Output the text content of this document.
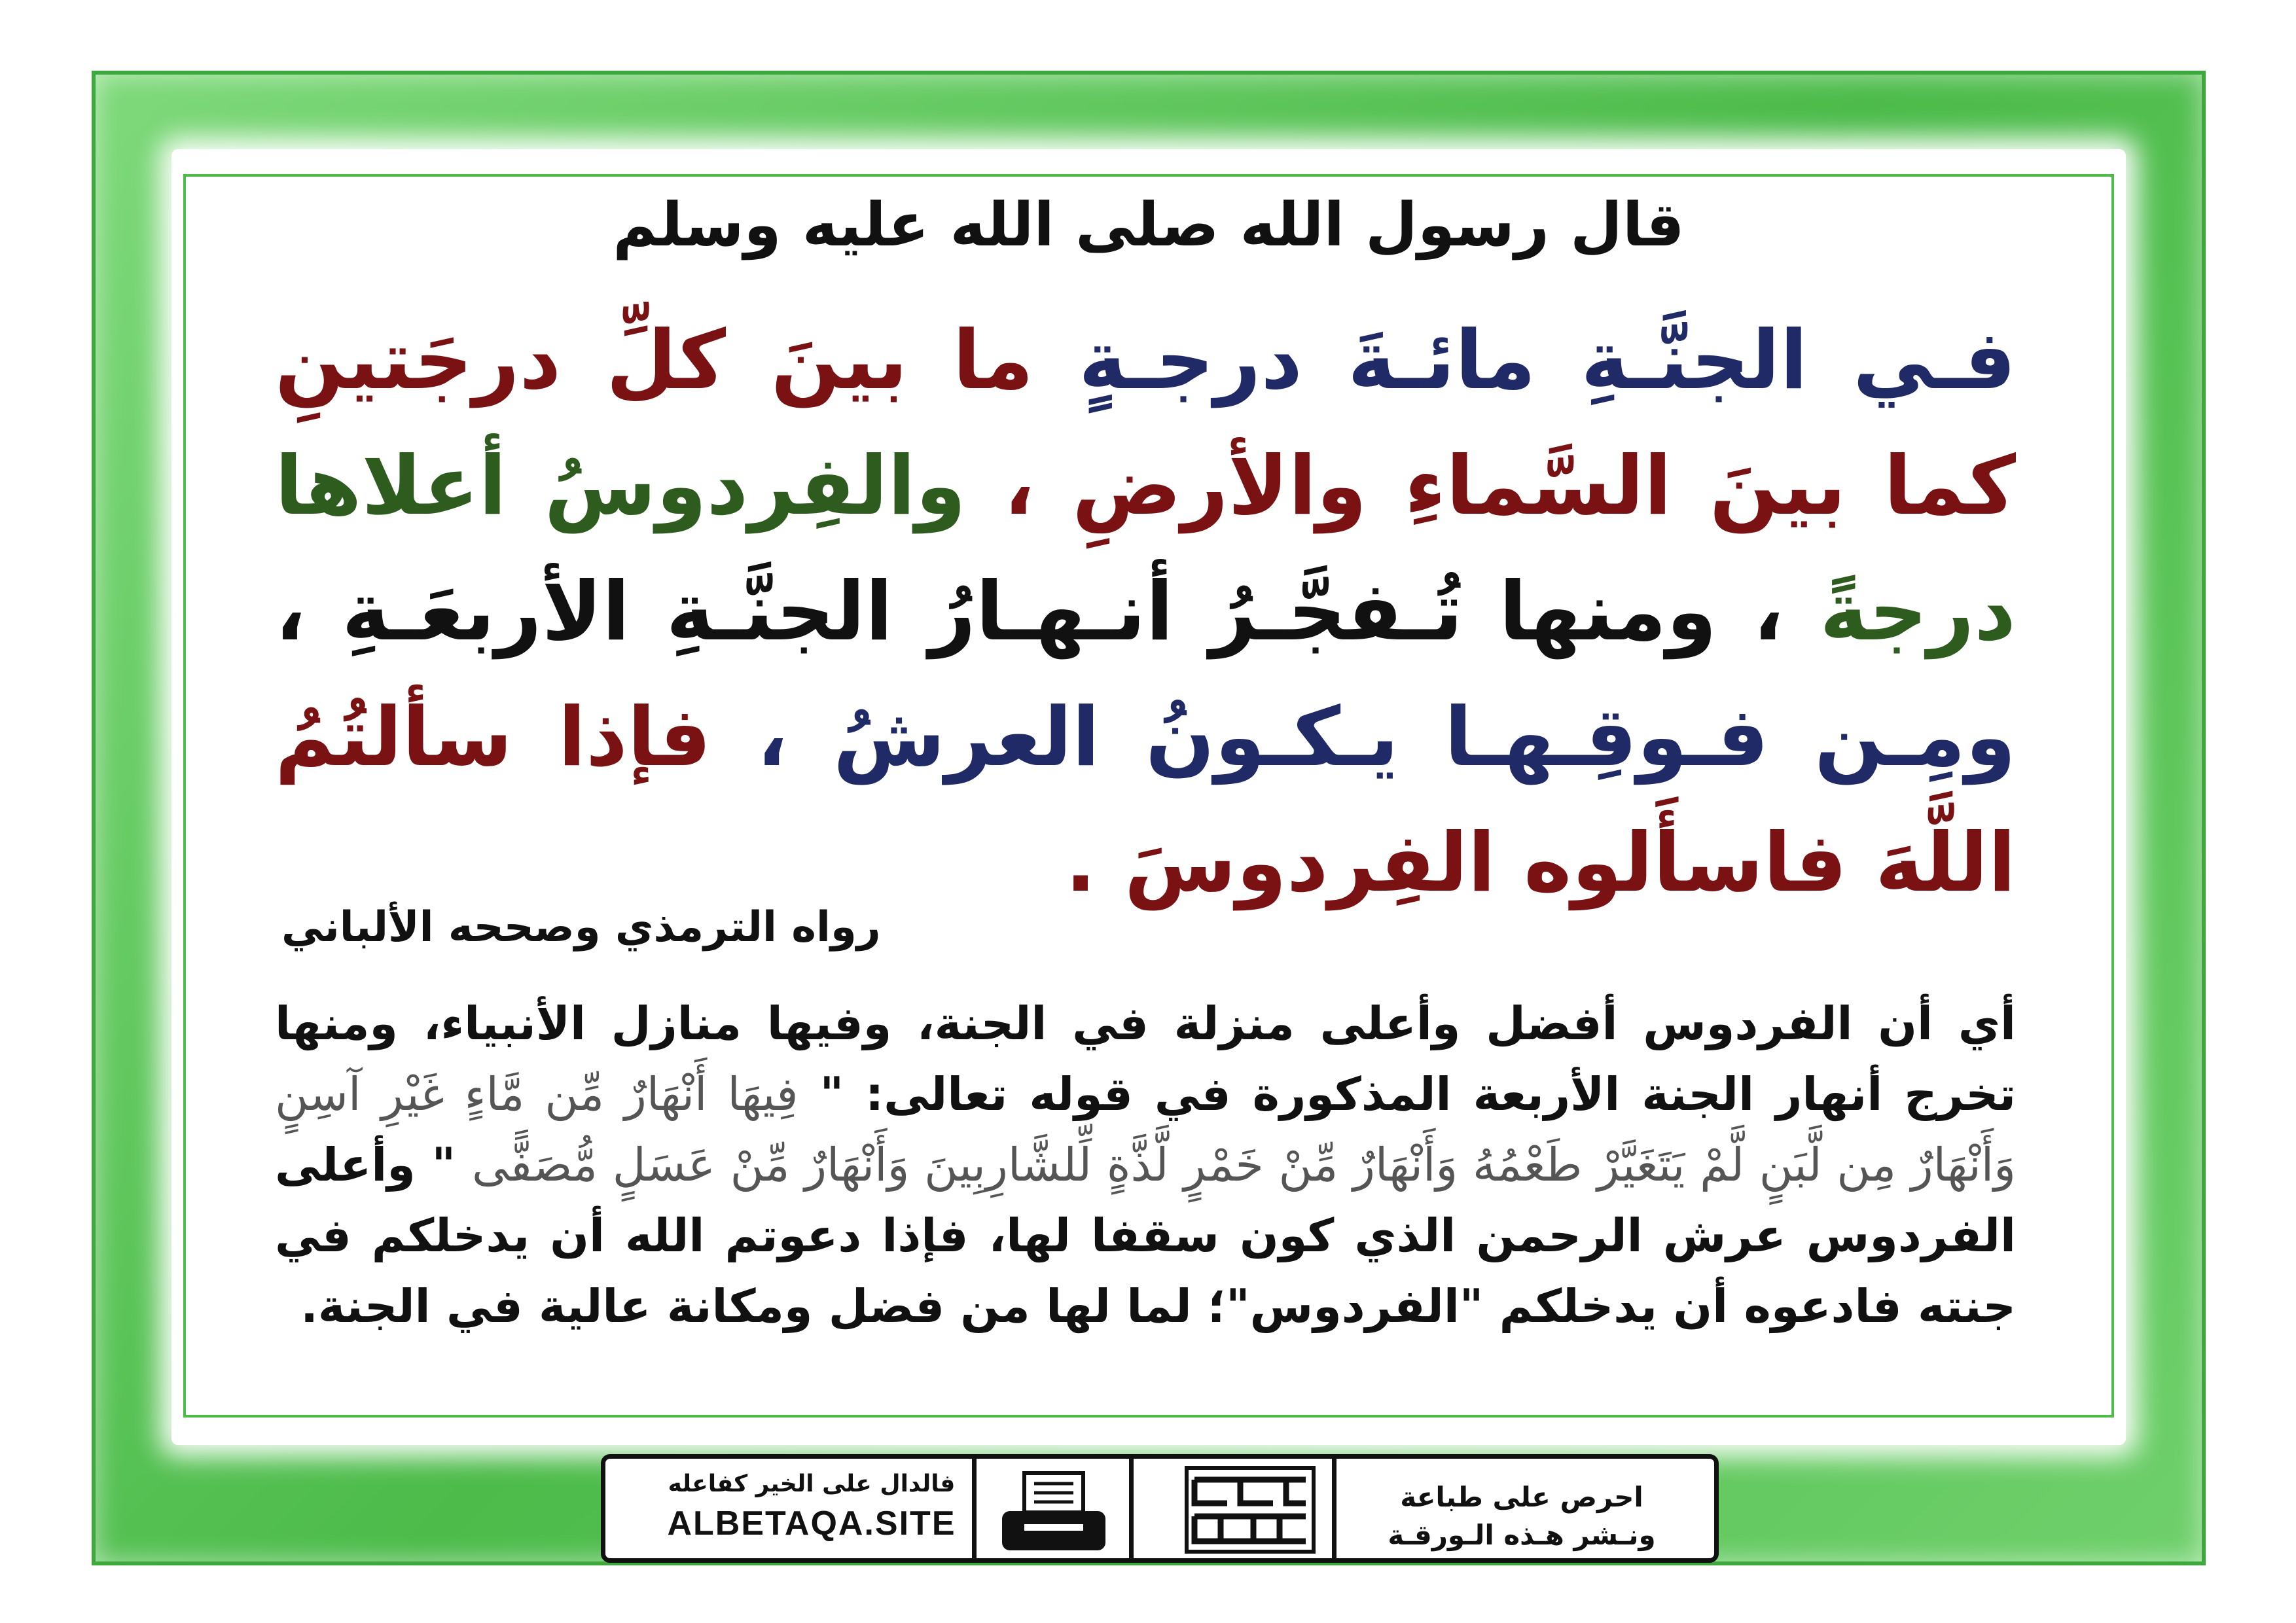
قال رسول الله صلى الله عليه وسلم
فـي الجنَّـةِ مائـةَ درجـةٍ ما بينَ كلِّ درجَتينِ كما بينَ السَّماءِ والأرضِ ، والفِردوسُ أعلاها درجةً ، ومنها تُـفجَّـرُ أنـهـارُ الجنَّـةِ الأربعَـةِ ، ومِـن فـوقِـهـا يـكـونُ العرشُ ، فإذا سألتُمُ اللَّهَ فاسأَلوه الفِردوسَ .
رواه الترمذي وصححه الألباني
أي أن الفردوس أفضل وأعلى منزلة في الجنة، وفيها منازل الأنبياء، ومنها تخرج أنهار الجنة الأربعة المذكورة في قوله تعالى: " فِيهَا أَنْهَارٌ مِّن مَّاءٍ غَيْرِ آسِنٍ وَأَنْهَارٌ مِن لَّبَنٍ لَّمْ يَتَغَيَّرْ طَعْمُهُ وَأَنْهَارٌ مِّنْ خَمْرٍ لَّذَّةٍ لِّلشَّارِبِينَ وَأَنْهَارٌ مِّنْ عَسَلٍ مُّصَفًّى " وأعلى الفردوس عرش الرحمن الذي كون سقفا لها، فإذا دعوتم الله أن يدخلكم في جنته فادعوه أن يدخلكم "الفردوس"؛ لما لها من فضل ومكانة عالية في الجنة.
فالدال على الخير كفاعله
ALBETAQA.SITE
احرص على طباعة
ونـشر هـذه الـورقـة
